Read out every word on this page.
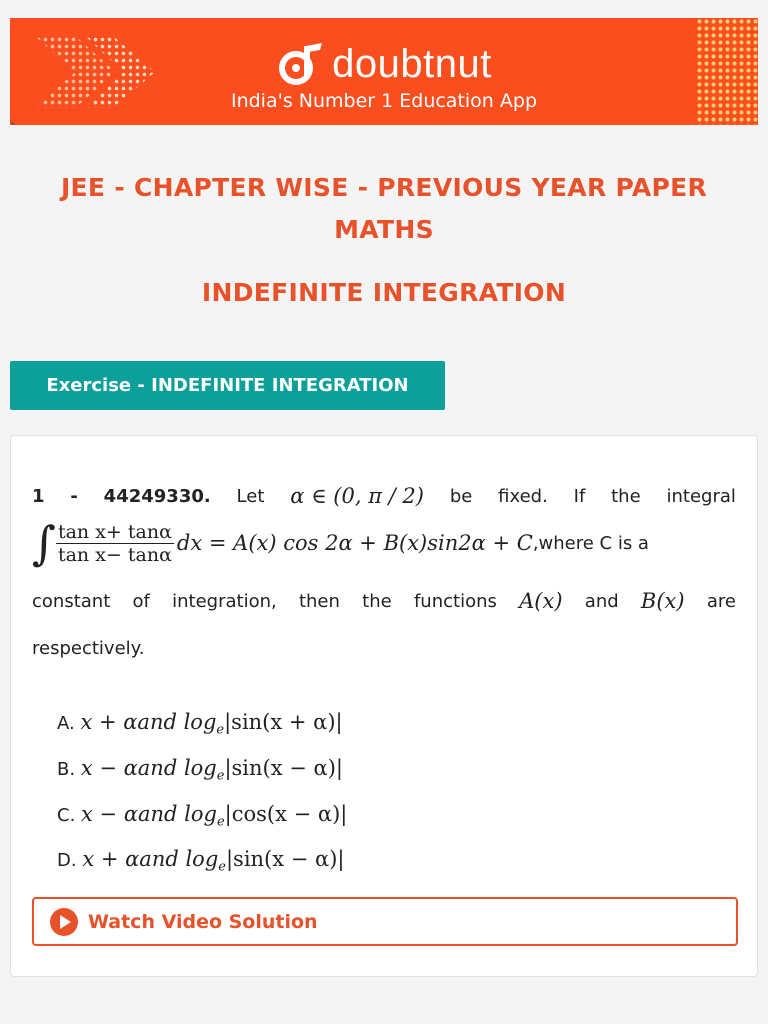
doubtnut
India's Number 1 Education App
`
JEE - CHAPTER WISE - PREVIOUS YEAR PAPER
MATHS
INDEFINITE INTEGRATION
Exercise - INDEFINITE INTEGRATION
1 - 44249330. Let α ∈ (0, π / 2) be fixed. If the integral
∫ $\frac{\text{tan x+ tanα}}{\text{tan x− tanα}}$ dx = A(x) cos 2α + B(x)sin2α + C ,where C is a
constant of integration, then the functions A(x) and B(x) are
respectively.
A. x + αand $\log_e|\sin(x + \alpha)|$
B. x − αand $\log_e|\sin(x - \alpha)|$
C. x − αand $\log_e|\cos(x - \alpha)|$
D. x + αand $\log_e|\sin(x - \alpha)|$
Watch Video Solution
